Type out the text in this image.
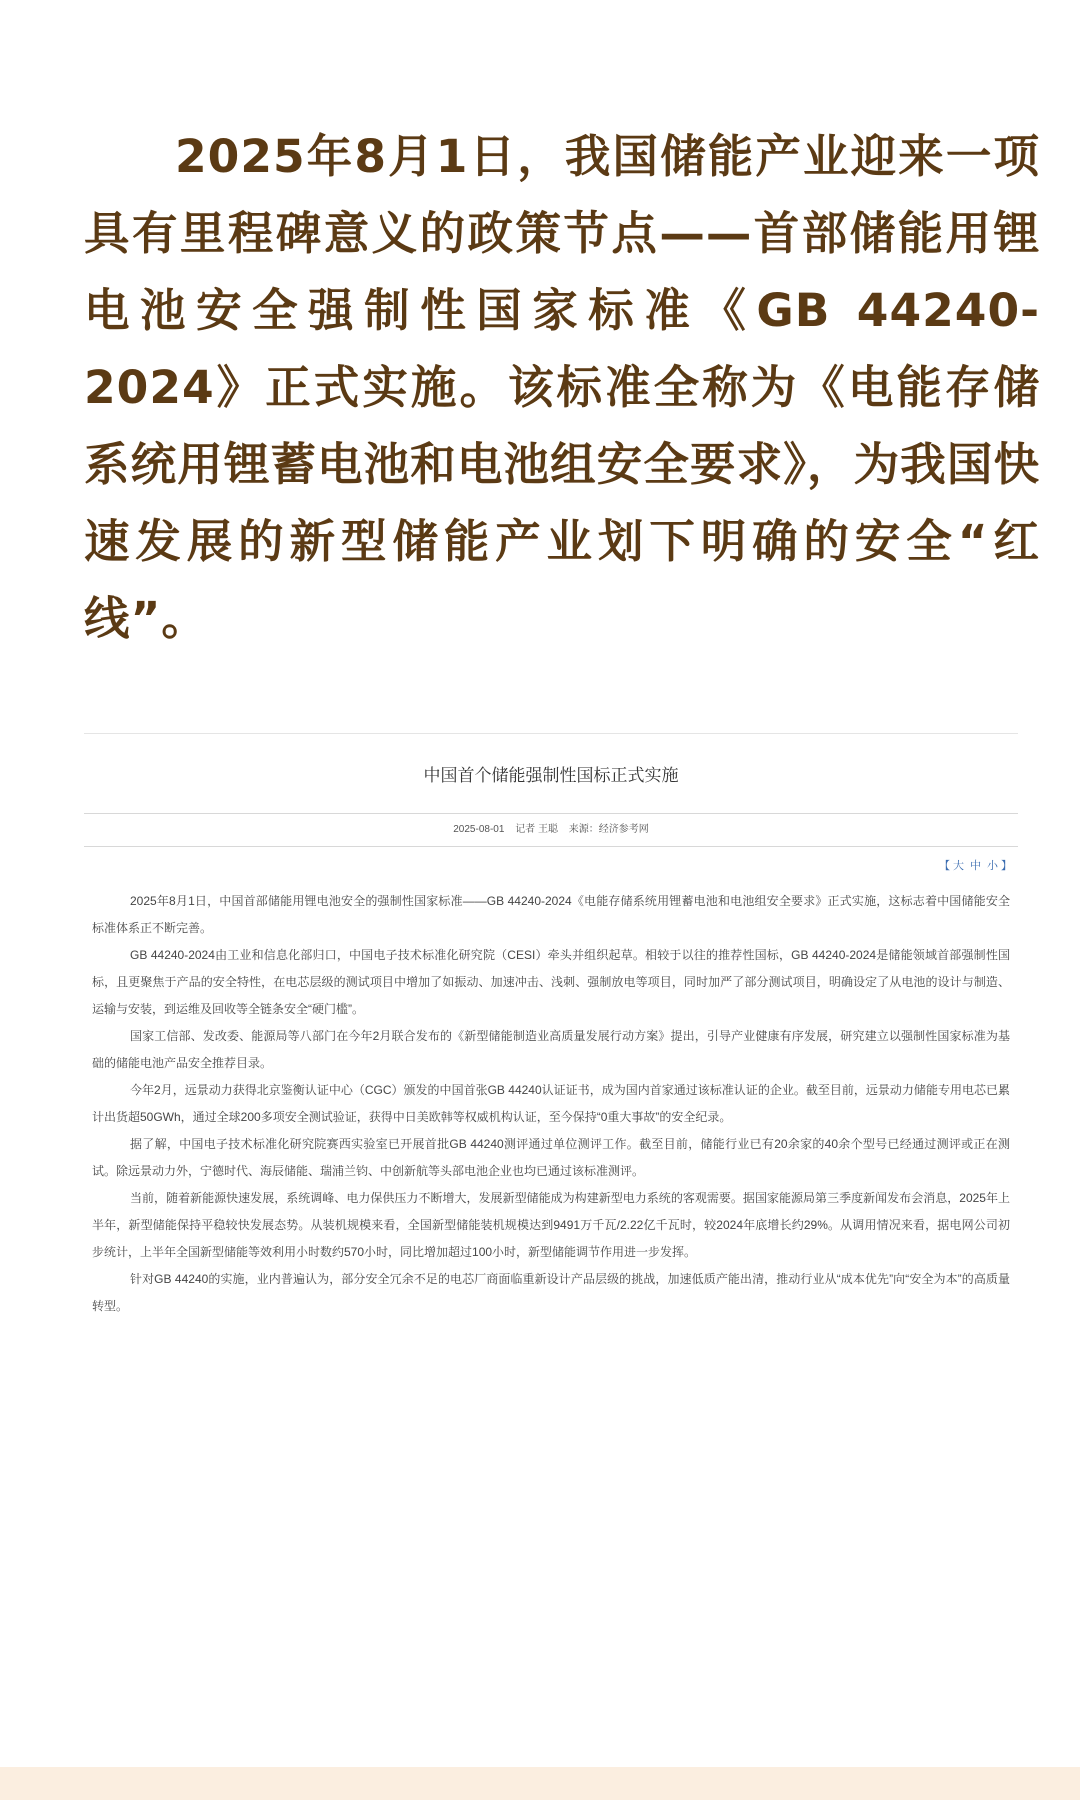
2025年8月1日，我国储能产业迎来一项具有里程碑意义的政策节点——首部储能用锂电池安全强制性国家标准《GB 44240-2024》正式实施。该标准全称为《电能存储系统用锂蓄电池和电池组安全要求》，为我国快速发展的新型储能产业划下明确的安全“红线”。
中国首个储能强制性国标正式实施
2025-08-01 记者 王聪 来源：经济参考网
【 大 中 小 】

2025年8月1日，中国首部储能用锂电池安全的强制性国家标准——GB 44240-2024《电能存储系统用锂蓄电池和电池组安全要求》正式实施，这标志着中国储能安全标准体系正不断完善。

GB 44240-2024由工业和信息化部归口，中国电子技术标准化研究院（CESI）牵头并组织起草。相较于以往的推荐性国标，GB 44240-2024是储能领域首部强制性国标，且更聚焦于产品的安全特性，在电芯层级的测试项目中增加了如振动、加速冲击、浅刺、强制放电等项目，同时加严了部分测试项目，明确设定了从电池的设计与制造、运输与安装，到运维及回收等全链条安全“硬门槛”。

国家工信部、发改委、能源局等八部门在今年2月联合发布的《新型储能制造业高质量发展行动方案》提出，引导产业健康有序发展，研究建立以强制性国家标准为基础的储能电池产品安全推荐目录。

今年2月，远景动力获得北京鉴衡认证中心（CGC）颁发的中国首张GB 44240认证证书，成为国内首家通过该标准认证的企业。截至目前，远景动力储能专用电芯已累计出货超50GWh，通过全球200多项安全测试验证，获得中日美欧韩等权威机构认证，至今保持“0重大事故”的安全纪录。

据了解，中国电子技术标准化研究院赛西实验室已开展首批GB 44240测评通过单位测评工作。截至目前，储能行业已有20余家的40余个型号已经通过测评或正在测试。除远景动力外，宁德时代、海辰储能、瑞浦兰钧、中创新航等头部电池企业也均已通过该标准测评。

当前，随着新能源快速发展，系统调峰、电力保供压力不断增大，发展新型储能成为构建新型电力系统的客观需要。据国家能源局第三季度新闻发布会消息，2025年上半年，新型储能保持平稳较快发展态势。从装机规模来看，全国新型储能装机规模达到9491万千瓦/2.22亿千瓦时，较2024年底增长约29%。从调用情况来看，据电网公司初步统计，上半年全国新型储能等效利用小时数约570小时，同比增加超过100小时，新型储能调节作用进一步发挥。

针对GB 44240的实施，业内普遍认为，部分安全冗余不足的电芯厂商面临重新设计产品层级的挑战，加速低质产能出清，推动行业从“成本优先”向“安全为本”的高质量转型。
